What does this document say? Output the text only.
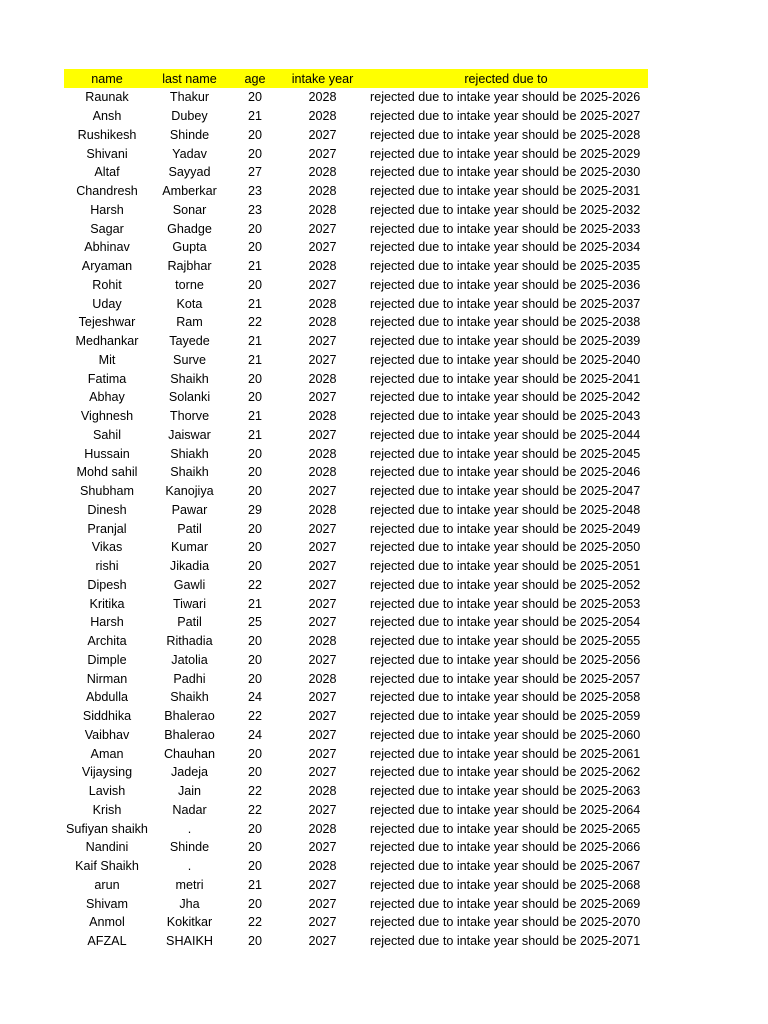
name	last name	age	intake year	rejected due to
Raunak	Thakur	20	2028	rejected due to intake year should be 2025-2026
Ansh	Dubey	21	2028	rejected due to intake year should be 2025-2027
Rushikesh	Shinde	20	2027	rejected due to intake year should be 2025-2028
Shivani	Yadav	20	2027	rejected due to intake year should be 2025-2029
Altaf	Sayyad	27	2028	rejected due to intake year should be 2025-2030
Chandresh	Amberkar	23	2028	rejected due to intake year should be 2025-2031
Harsh	Sonar	23	2028	rejected due to intake year should be 2025-2032
Sagar	Ghadge	20	2027	rejected due to intake year should be 2025-2033
Abhinav	Gupta	20	2027	rejected due to intake year should be 2025-2034
Aryaman	Rajbhar	21	2028	rejected due to intake year should be 2025-2035
Rohit	torne	20	2027	rejected due to intake year should be 2025-2036
Uday	Kota	21	2028	rejected due to intake year should be 2025-2037
Tejeshwar	Ram	22	2028	rejected due to intake year should be 2025-2038
Medhankar	Tayede	21	2027	rejected due to intake year should be 2025-2039
Mit	Surve	21	2027	rejected due to intake year should be 2025-2040
Fatima	Shaikh	20	2028	rejected due to intake year should be 2025-2041
Abhay	Solanki	20	2027	rejected due to intake year should be 2025-2042
Vighnesh	Thorve	21	2028	rejected due to intake year should be 2025-2043
Sahil	Jaiswar	21	2027	rejected due to intake year should be 2025-2044
Hussain	Shiakh	20	2028	rejected due to intake year should be 2025-2045
Mohd sahil	Shaikh	20	2028	rejected due to intake year should be 2025-2046
Shubham	Kanojiya	20	2027	rejected due to intake year should be 2025-2047
Dinesh	Pawar	29	2028	rejected due to intake year should be 2025-2048
Pranjal	Patil	20	2027	rejected due to intake year should be 2025-2049
Vikas	Kumar	20	2027	rejected due to intake year should be 2025-2050
rishi	Jikadia	20	2027	rejected due to intake year should be 2025-2051
Dipesh	Gawli	22	2027	rejected due to intake year should be 2025-2052
Kritika	Tiwari	21	2027	rejected due to intake year should be 2025-2053
Harsh	Patil	25	2027	rejected due to intake year should be 2025-2054
Archita	Rithadia	20	2028	rejected due to intake year should be 2025-2055
Dimple	Jatolia	20	2027	rejected due to intake year should be 2025-2056
Nirman	Padhi	20	2028	rejected due to intake year should be 2025-2057
Abdulla	Shaikh	24	2027	rejected due to intake year should be 2025-2058
Siddhika	Bhalerao	22	2027	rejected due to intake year should be 2025-2059
Vaibhav	Bhalerao	24	2027	rejected due to intake year should be 2025-2060
Aman	Chauhan	20	2027	rejected due to intake year should be 2025-2061
Vijaysing	Jadeja	20	2027	rejected due to intake year should be 2025-2062
Lavish	Jain	22	2028	rejected due to intake year should be 2025-2063
Krish	Nadar	22	2027	rejected due to intake year should be 2025-2064
Sufiyan shaikh	.	20	2028	rejected due to intake year should be 2025-2065
Nandini	Shinde	20	2027	rejected due to intake year should be 2025-2066
Kaif Shaikh	.	20	2028	rejected due to intake year should be 2025-2067
arun	metri	21	2027	rejected due to intake year should be 2025-2068
Shivam	Jha	20	2027	rejected due to intake year should be 2025-2069
Anmol	Kokitkar	22	2027	rejected due to intake year should be 2025-2070
AFZAL	SHAIKH	20	2027	rejected due to intake year should be 2025-2071
